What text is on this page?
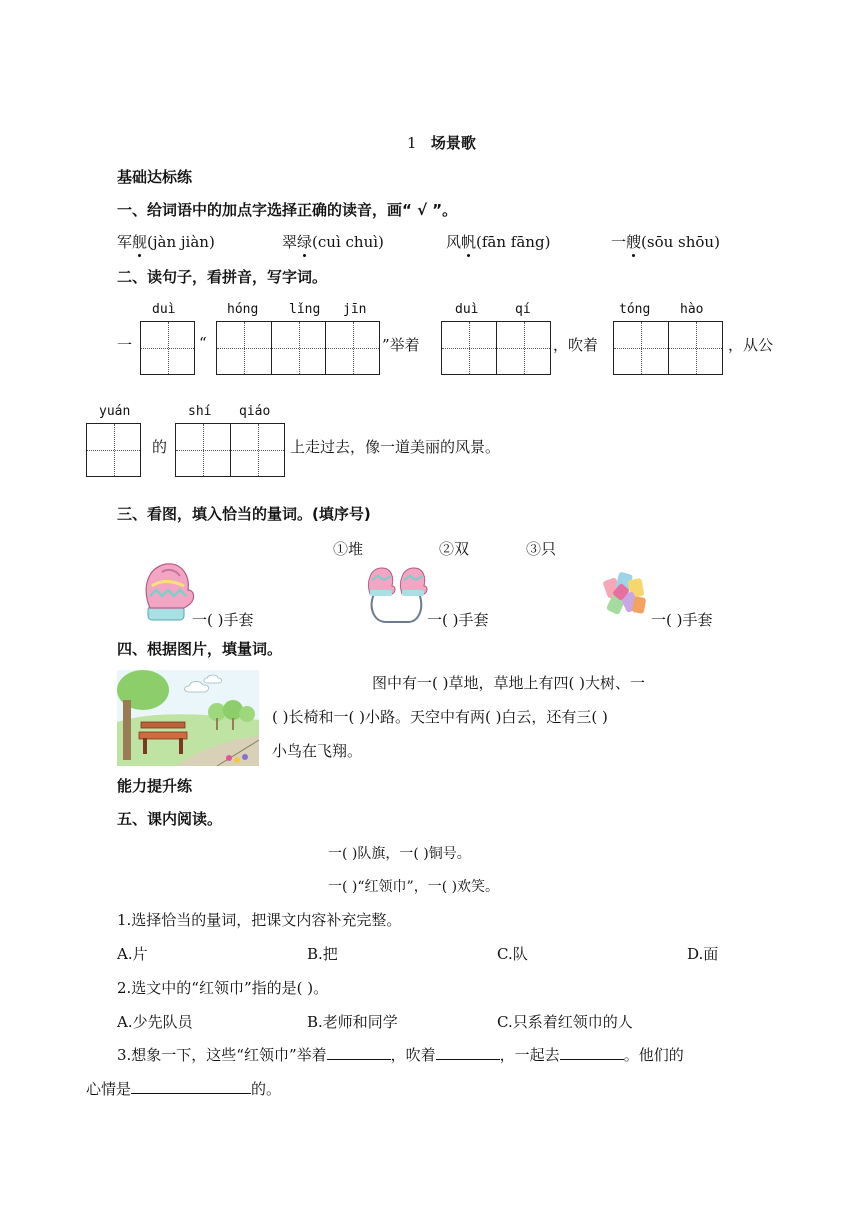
1 场景歌
基础达标练
一、给词语中的加点字选择正确的读音，画“ √ ”。
军舰(jàn jiàn)	翠绿(cuì chuì)	风帆(fān fāng)	一艘(sōu shōu)
二、读句子，看拼音，写字词。
duì	hóng lǐng jīn	duì	qí	tóng hào
一	“	”举着	，吹着	，从公
yuán	shí qiáo
的	上走过去，像一道美丽的风景。
三、看图，填入恰当的量词。(填序号)
①堆	②双	③只
一( )手套	一( )手套	一( )手套
四、根据图片，填量词。
图中有一( )草地，草地上有四( )大树、一
( )长椅和一( )小路。天空中有两( )白云，还有三( )
小鸟在飞翔。
能力提升练
五、课内阅读。
一( )队旗，一( )铜号。
一( )“红领巾”，一( )欢笑。
1.选择恰当的量词，把课文内容补充完整。
A.片	B.把	C.队	D.面
2.选文中的“红领巾”指的是( )。
A.少先队员	B.老师和同学	C.只系着红领巾的人
3.想象一下，这些“红领巾”举着	，吹着	，一起去	。他们的
心情是	的。
